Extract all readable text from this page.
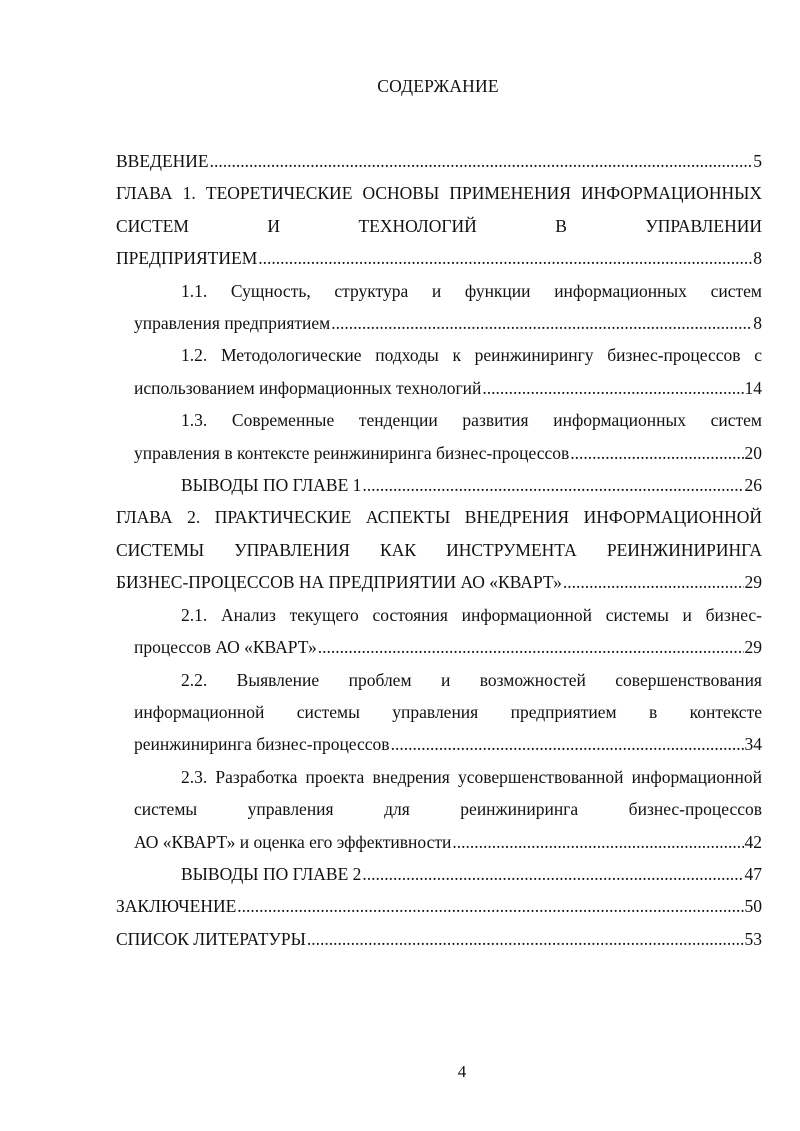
СОДЕРЖАНИЕ
ВВЕДЕНИЕ .....	5
ГЛАВА 1. ТЕОРЕТИЧЕСКИЕ ОСНОВЫ ПРИМЕНЕНИЯ ИНФОРМАЦИОННЫХ СИСТЕМ И ТЕХНОЛОГИЙ В УПРАВЛЕНИИ
ПРЕДПРИЯТИЕМ .....	8
1.1. Сущность, структура и функции информационных систем
управления предприятием .....	8
1.2. Методологические подходы к реинжинирингу бизнес-процессов с
использованием информационных технологий .....	14
1.3. Современные тенденции развития информационных систем
управления в контексте реинжиниринга бизнес-процессов .....	20
ВЫВОДЫ ПО ГЛАВЕ 1 .....	26
ГЛАВА 2. ПРАКТИЧЕСКИЕ АСПЕКТЫ ВНЕДРЕНИЯ ИНФОРМАЦИОННОЙ СИСТЕМЫ УПРАВЛЕНИЯ КАК ИНСТРУМЕНТА РЕИНЖИНИРИНГА
БИЗНЕС-ПРОЦЕССОВ НА ПРЕДПРИЯТИИ АО «КВАРТ» .....	29
2.1. Анализ текущего состояния информационной системы и бизнес-
процессов АО «КВАРТ» .....	29
2.2. Выявление проблем и возможностей совершенствования информационной системы управления предприятием в контексте
реинжиниринга бизнес-процессов .....	34
2.3. Разработка проекта внедрения усовершенствованной информационной системы управления для реинжиниринга бизнес-процессов
АО «КВАРТ» и оценка его эффективности .....	42
ВЫВОДЫ ПО ГЛАВЕ 2 .....	47
ЗАКЛЮЧЕНИЕ .....	50
СПИСОК ЛИТЕРАТУРЫ .....	53
4
